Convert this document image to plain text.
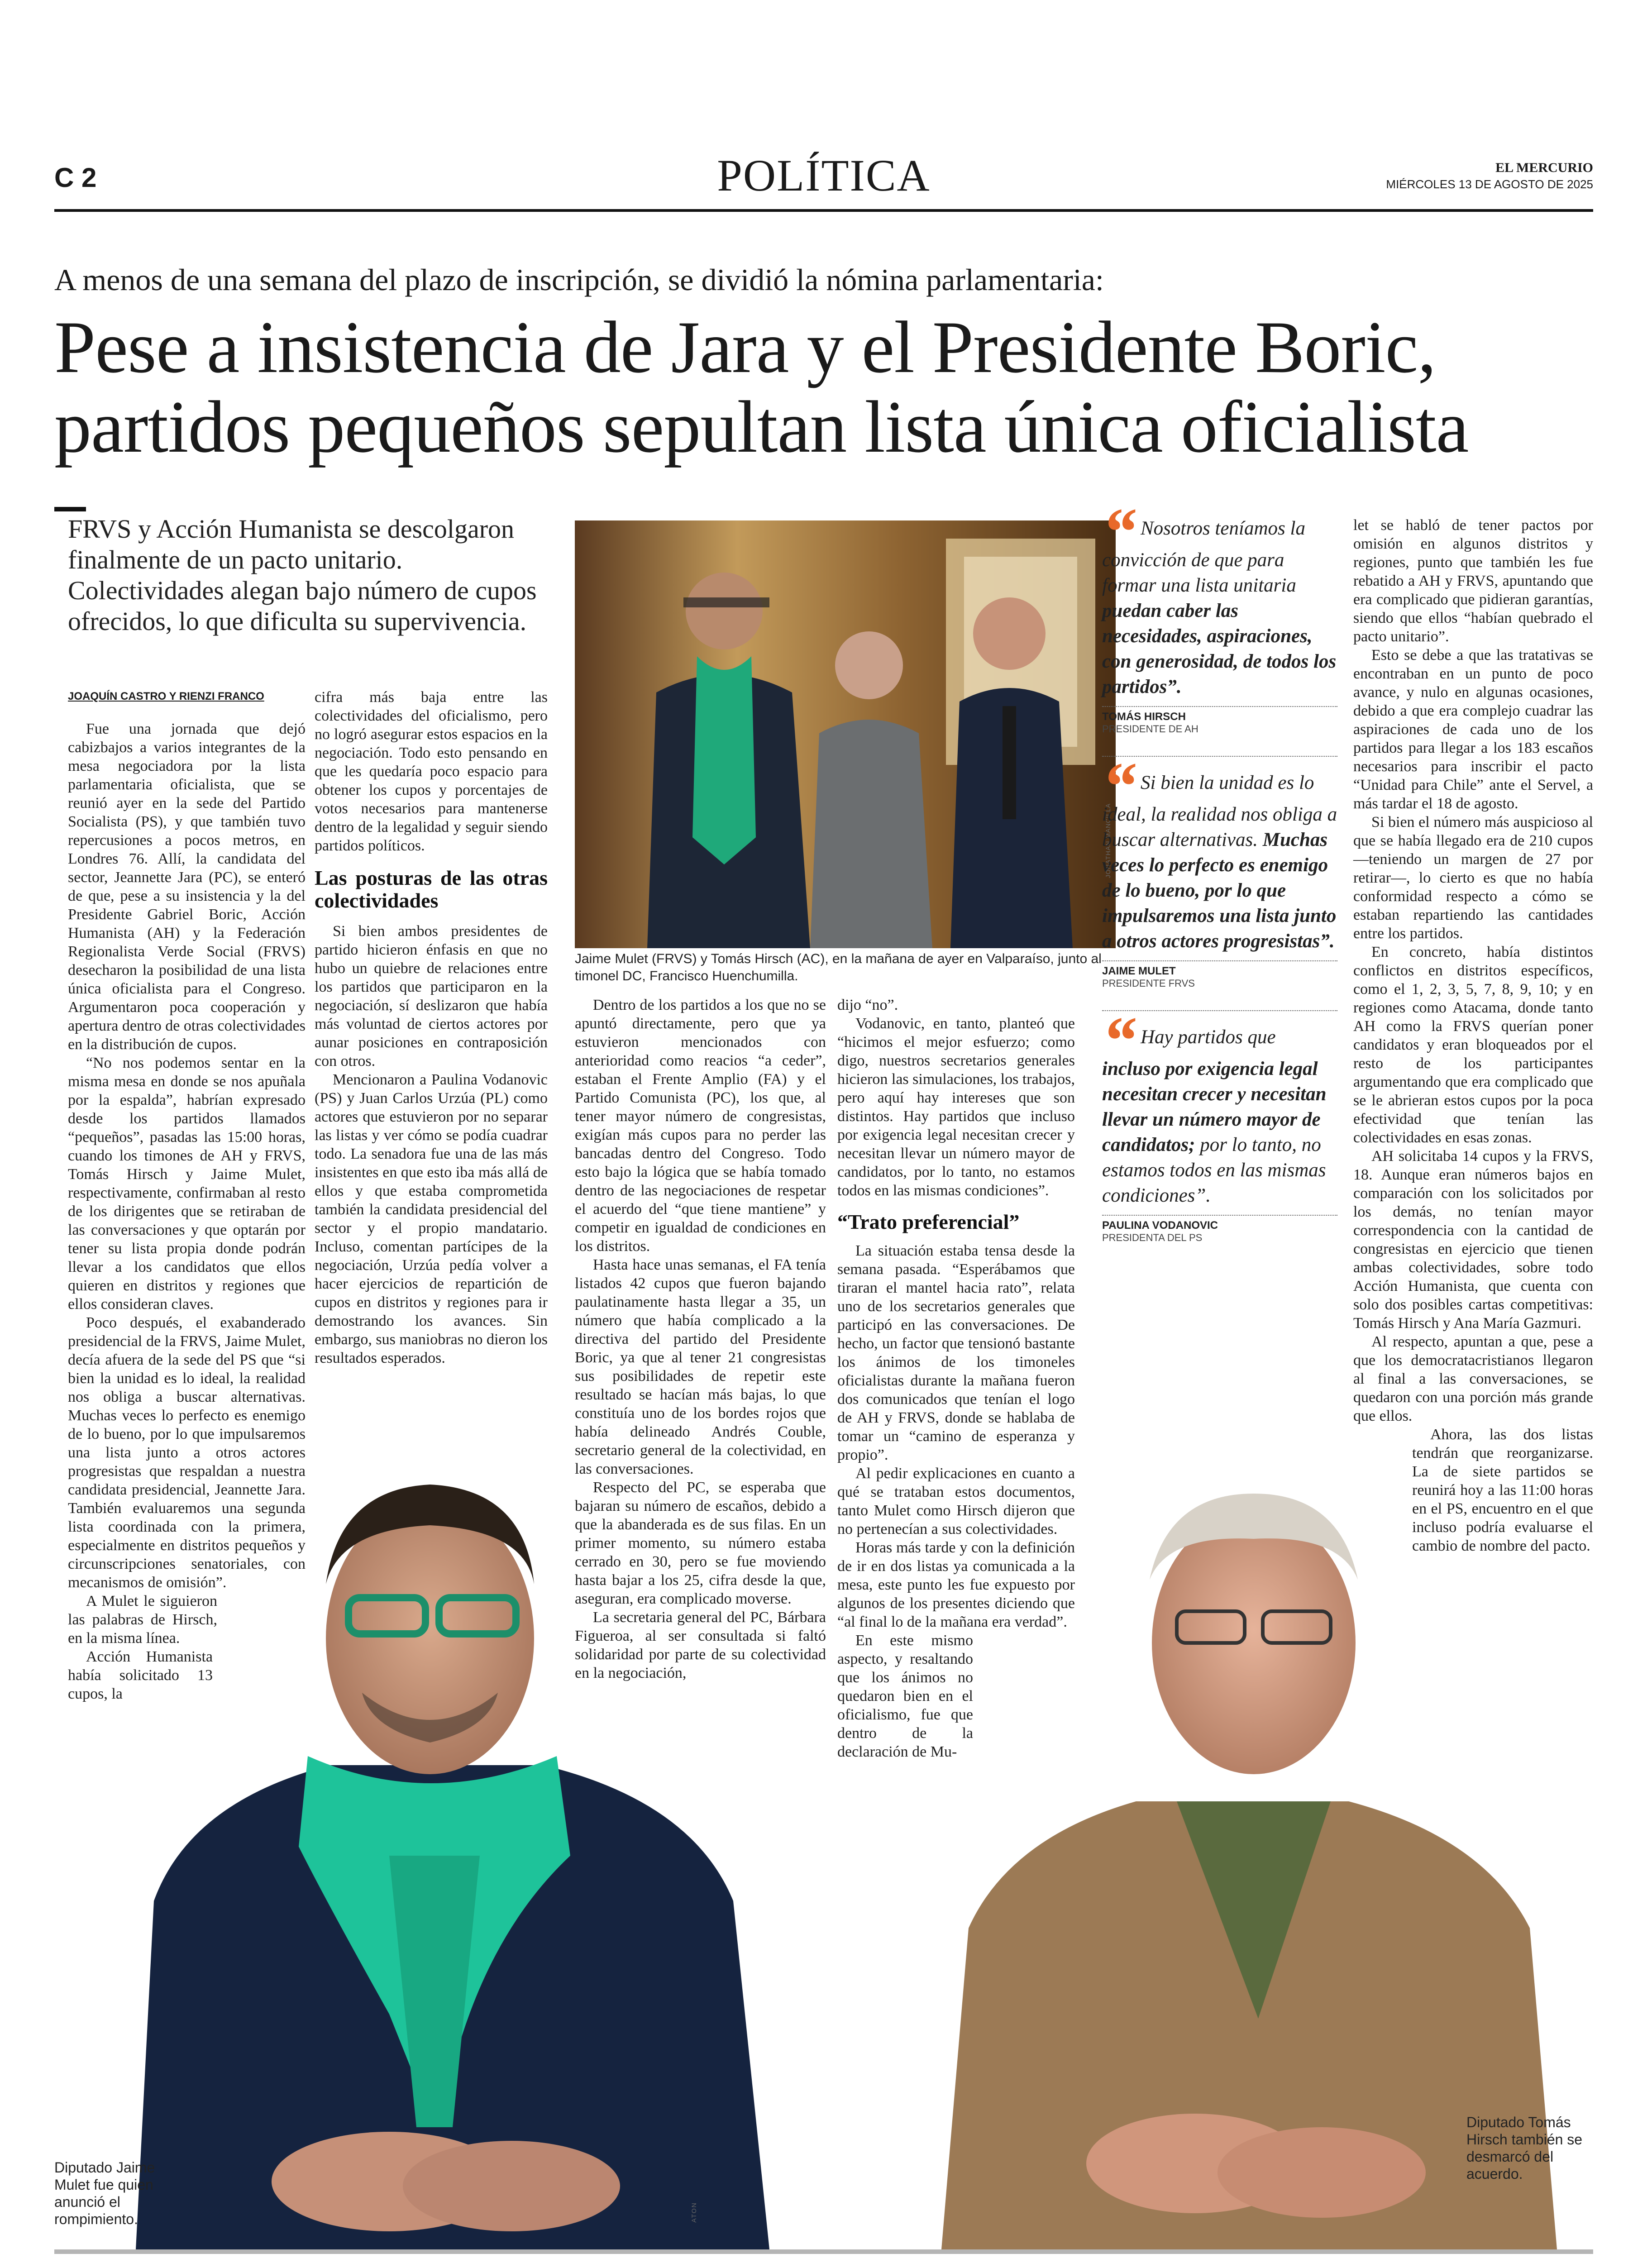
C 2	POLÍTICA	EL MERCURIO
MIÉRCOLES 13 DE AGOSTO DE 2025
A menos de una semana del plazo de inscripción, se dividió la nómina parlamentaria:
Pese a insistencia de Jara y el Presidente Boric, partidos pequeños sepultan lista única oficialista
FRVS y Acción Humanista se descolgaron finalmente de un pacto unitario. Colectividades alegan bajo número de cupos ofrecidos, lo que dificulta su supervivencia.
JOAQUÍN CASTRO Y RIENZI FRANCO

Fue una jornada que dejó cabizbajos a varios integrantes de la mesa negociadora por la lista parlamentaria oficialista, que se reunió ayer en la sede del Partido Socialista (PS), y que también tuvo repercusiones a pocos metros, en Londres 76. Allí, la candidata del sector, Jeannette Jara (PC), se enteró de que, pese a su insistencia y la del Presidente Gabriel Boric, Acción Humanista (AH) y la Federación Regionalista Verde Social (FRVS) desecharon la posibilidad de una lista única oficialista para el Congreso. Argumentaron poca cooperación y apertura dentro de otras colectividades en la distribución de cupos.

“No nos podemos sentar en la misma mesa en donde se nos apuñala por la espalda”, habrían expresado desde los partidos llamados “pequeños”, pasadas las 15:00 horas, cuando los timones de AH y FRVS, Tomás Hirsch y Jaime Mulet, respectivamente, confirmaban al resto de los dirigentes que se retiraban de las conversaciones y que optarán por tener su lista propia donde podrán llevar a los candidatos que ellos quieren en distritos y regiones que ellos consideran claves.

Poco después, el exabanderado presidencial de la FRVS, Jaime Mulet, decía afuera de la sede del PS que “si bien la unidad es lo ideal, la realidad nos obliga a buscar alternativas. Muchas veces lo perfecto es enemigo de lo bueno, por lo que impulsaremos una lista junto a otros actores progresistas que respaldan a nuestra candidata presidencial, Jeannette Jara. También evaluaremos una segunda lista coordinada con la primera, especialmente en distritos pequeños y circunscripciones senatoriales, con mecanismos de omisión”.

A Mulet le siguieron las palabras de Hirsch, en la misma línea.

Acción Humanista había solicitado 13 cupos, la

cifra más baja entre las colectividades del oficialismo, pero no logró asegurar estos espacios en la negociación. Todo esto pensando en que les quedaría poco espacio para obtener los cupos y porcentajes de votos necesarios para mantenerse dentro de la legalidad y seguir siendo partidos políticos.

Las posturas de las otras colectividades

Si bien ambos presidentes de partido hicieron énfasis en que no hubo un quiebre de relaciones entre los partidos que participaron en la negociación, sí deslizaron que había más voluntad de ciertos actores por aunar posiciones en contraposición con otros.

Mencionaron a Paulina Vodanovic (PS) y Juan Carlos Urzúa (PL) como actores que estuvieron por no separar las listas y ver cómo se podía cuadrar todo. La senadora fue una de las más insistentes en que esto iba más allá de ellos y que estaba comprometida también la candidata presidencial del sector y el propio mandatario. Incluso, comentan partícipes de la negociación, Urzúa pedía volver a hacer ejercicios de repartición de cupos en distritos y regiones para ir demostrando los avances. Sin embargo, sus maniobras no dieron los resultados esperados.

JONATHAN MANCILLA
Jaime Mulet (FRVS) y Tomás Hirsch (AC), en la mañana de ayer en Valparaíso, junto al timonel DC, Francisco Huenchumilla.

Dentro de los partidos a los que no se apuntó directamente, pero que ya estuvieron mencionados con anterioridad como reacios “a ceder”, estaban el Frente Amplio (FA) y el Partido Comunista (PC), los que, al tener mayor número de congresistas, exigían más cupos para no perder las bancadas dentro del Congreso. Todo esto bajo la lógica que se había tomado dentro de las negociaciones de respetar el acuerdo del “que tiene mantiene” y competir en igualdad de condiciones en los distritos.

Hasta hace unas semanas, el FA tenía listados 42 cupos que fueron bajando paulatinamente hasta llegar a 35, un número que había complicado a la directiva del partido del Presidente Boric, ya que al tener 21 congresistas sus posibilidades de repetir este resultado se hacían más bajas, lo que constituía uno de los bordes rojos que había delineado Andrés Couble, secretario general de la colectividad, en las conversaciones.

Respecto del PC, se esperaba que bajaran su número de escaños, debido a que la abanderada es de sus filas. En un primer momento, su número estaba cerrado en 30, pero se fue moviendo hasta bajar a los 25, cifra desde la que, aseguran, era complicado moverse.

La secretaria general del PC, Bárbara Figueroa, al ser consultada si faltó solidaridad por parte de su colectividad en la negociación,

dijo “no”.

Vodanovic, en tanto, planteó que “hicimos el mejor esfuerzo; como digo, nuestros secretarios generales hicieron las simulaciones, los trabajos, pero aquí hay intereses que son distintos. Hay partidos que incluso por exigencia legal necesitan crecer y necesitan llevar un número mayor de candidatos, por lo tanto, no estamos todos en las mismas condiciones”.

“Trato preferencial”

La situación estaba tensa desde la semana pasada. “Esperábamos que tiraran el mantel hacia rato”, relata uno de los secretarios generales que participó en las conversaciones. De hecho, un factor que tensionó bastante los ánimos de los timoneles oficialistas durante la mañana fueron dos comunicados que tenían el logo de AH y FRVS, donde se hablaba de tomar un “camino de esperanza y propio”.

Al pedir explicaciones en cuanto a qué se trataban estos documentos, tanto Mulet como Hirsch dijeron que no pertenecían a sus colectividades.

Horas más tarde y con la definición de ir en dos listas ya comunicada a la mesa, este punto les fue expuesto por algunos de los presentes diciendo que “al final lo de la mañana era verdad”.

En este mismo aspecto, y resaltando que los ánimos no quedaron bien en el oficialismo, fue que dentro de la declaración de Mu-

“ Nosotros teníamos la convicción de que para formar una lista unitaria puedan caber las necesidades, aspiraciones, con generosidad, de todos los partidos”.
TOMÁS HIRSCH
PRESIDENTE DE AH
“ Si bien la unidad es lo ideal, la realidad nos obliga a buscar alternativas. Muchas veces lo perfecto es enemigo de lo bueno, por lo que impulsaremos una lista junto a otros actores progresistas”.
JAIME MULET
PRESIDENTE FRVS
“ Hay partidos que incluso por exigencia legal necesitan crecer y necesitan llevar un número mayor de candidatos; por lo tanto, no estamos todos en las mismas condiciones”.
PAULINA VODANOVIC
PRESIDENTA DEL PS

let se habló de tener pactos por omisión en algunos distritos y regiones, punto que también les fue rebatido a AH y FRVS, apuntando que era complicado que pidieran garantías, siendo que ellos “habían quebrado el pacto unitario”.

Esto se debe a que las tratativas se encontraban en un punto de poco avance, y nulo en algunas ocasiones, debido a que era complejo cuadrar las aspiraciones de cada uno de los partidos para llegar a los 183 escaños necesarios para inscribir el pacto “Unidad para Chile” ante el Servel, a más tardar el 18 de agosto.

Si bien el número más auspicioso al que se había llegado era de 210 cupos —teniendo un margen de 27 por retirar—, lo cierto es que no había conformidad respecto a cómo se estaban repartiendo las cantidades entre los partidos.

En concreto, había distintos conflictos en distritos específicos, como el 1, 2, 3, 5, 7, 8, 9, 10; y en regiones como Atacama, donde tanto AH como la FRVS querían poner candidatos y eran bloqueados por el resto de los participantes argumentando que era complicado que se le abrieran estos cupos por la poca efectividad que tenían las colectividades en esas zonas.

AH solicitaba 14 cupos y la FRVS, 18. Aunque eran números bajos en comparación con los solicitados por los demás, no tenían mayor correspondencia con la cantidad de congresistas en ejercicio que tienen ambas colectividades, sobre todo Acción Humanista, que cuenta con solo dos posibles cartas competitivas: Tomás Hirsch y Ana María Gazmuri.

Al respecto, apuntan a que, pese a que los democratacristianos llegaron al final a las conversaciones, se quedaron con una porción más grande que ellos.

Ahora, las dos listas tendrán que reorganizarse. La de siete partidos se reunirá hoy a las 11:00 horas en el PS, encuentro en el que incluso podría evaluarse el cambio de nombre del pacto.

Diputado Jaime Mulet fue quien anunció el rompimiento.	ATON
Diputado Tomás Hirsch también se desmarcó del acuerdo.
